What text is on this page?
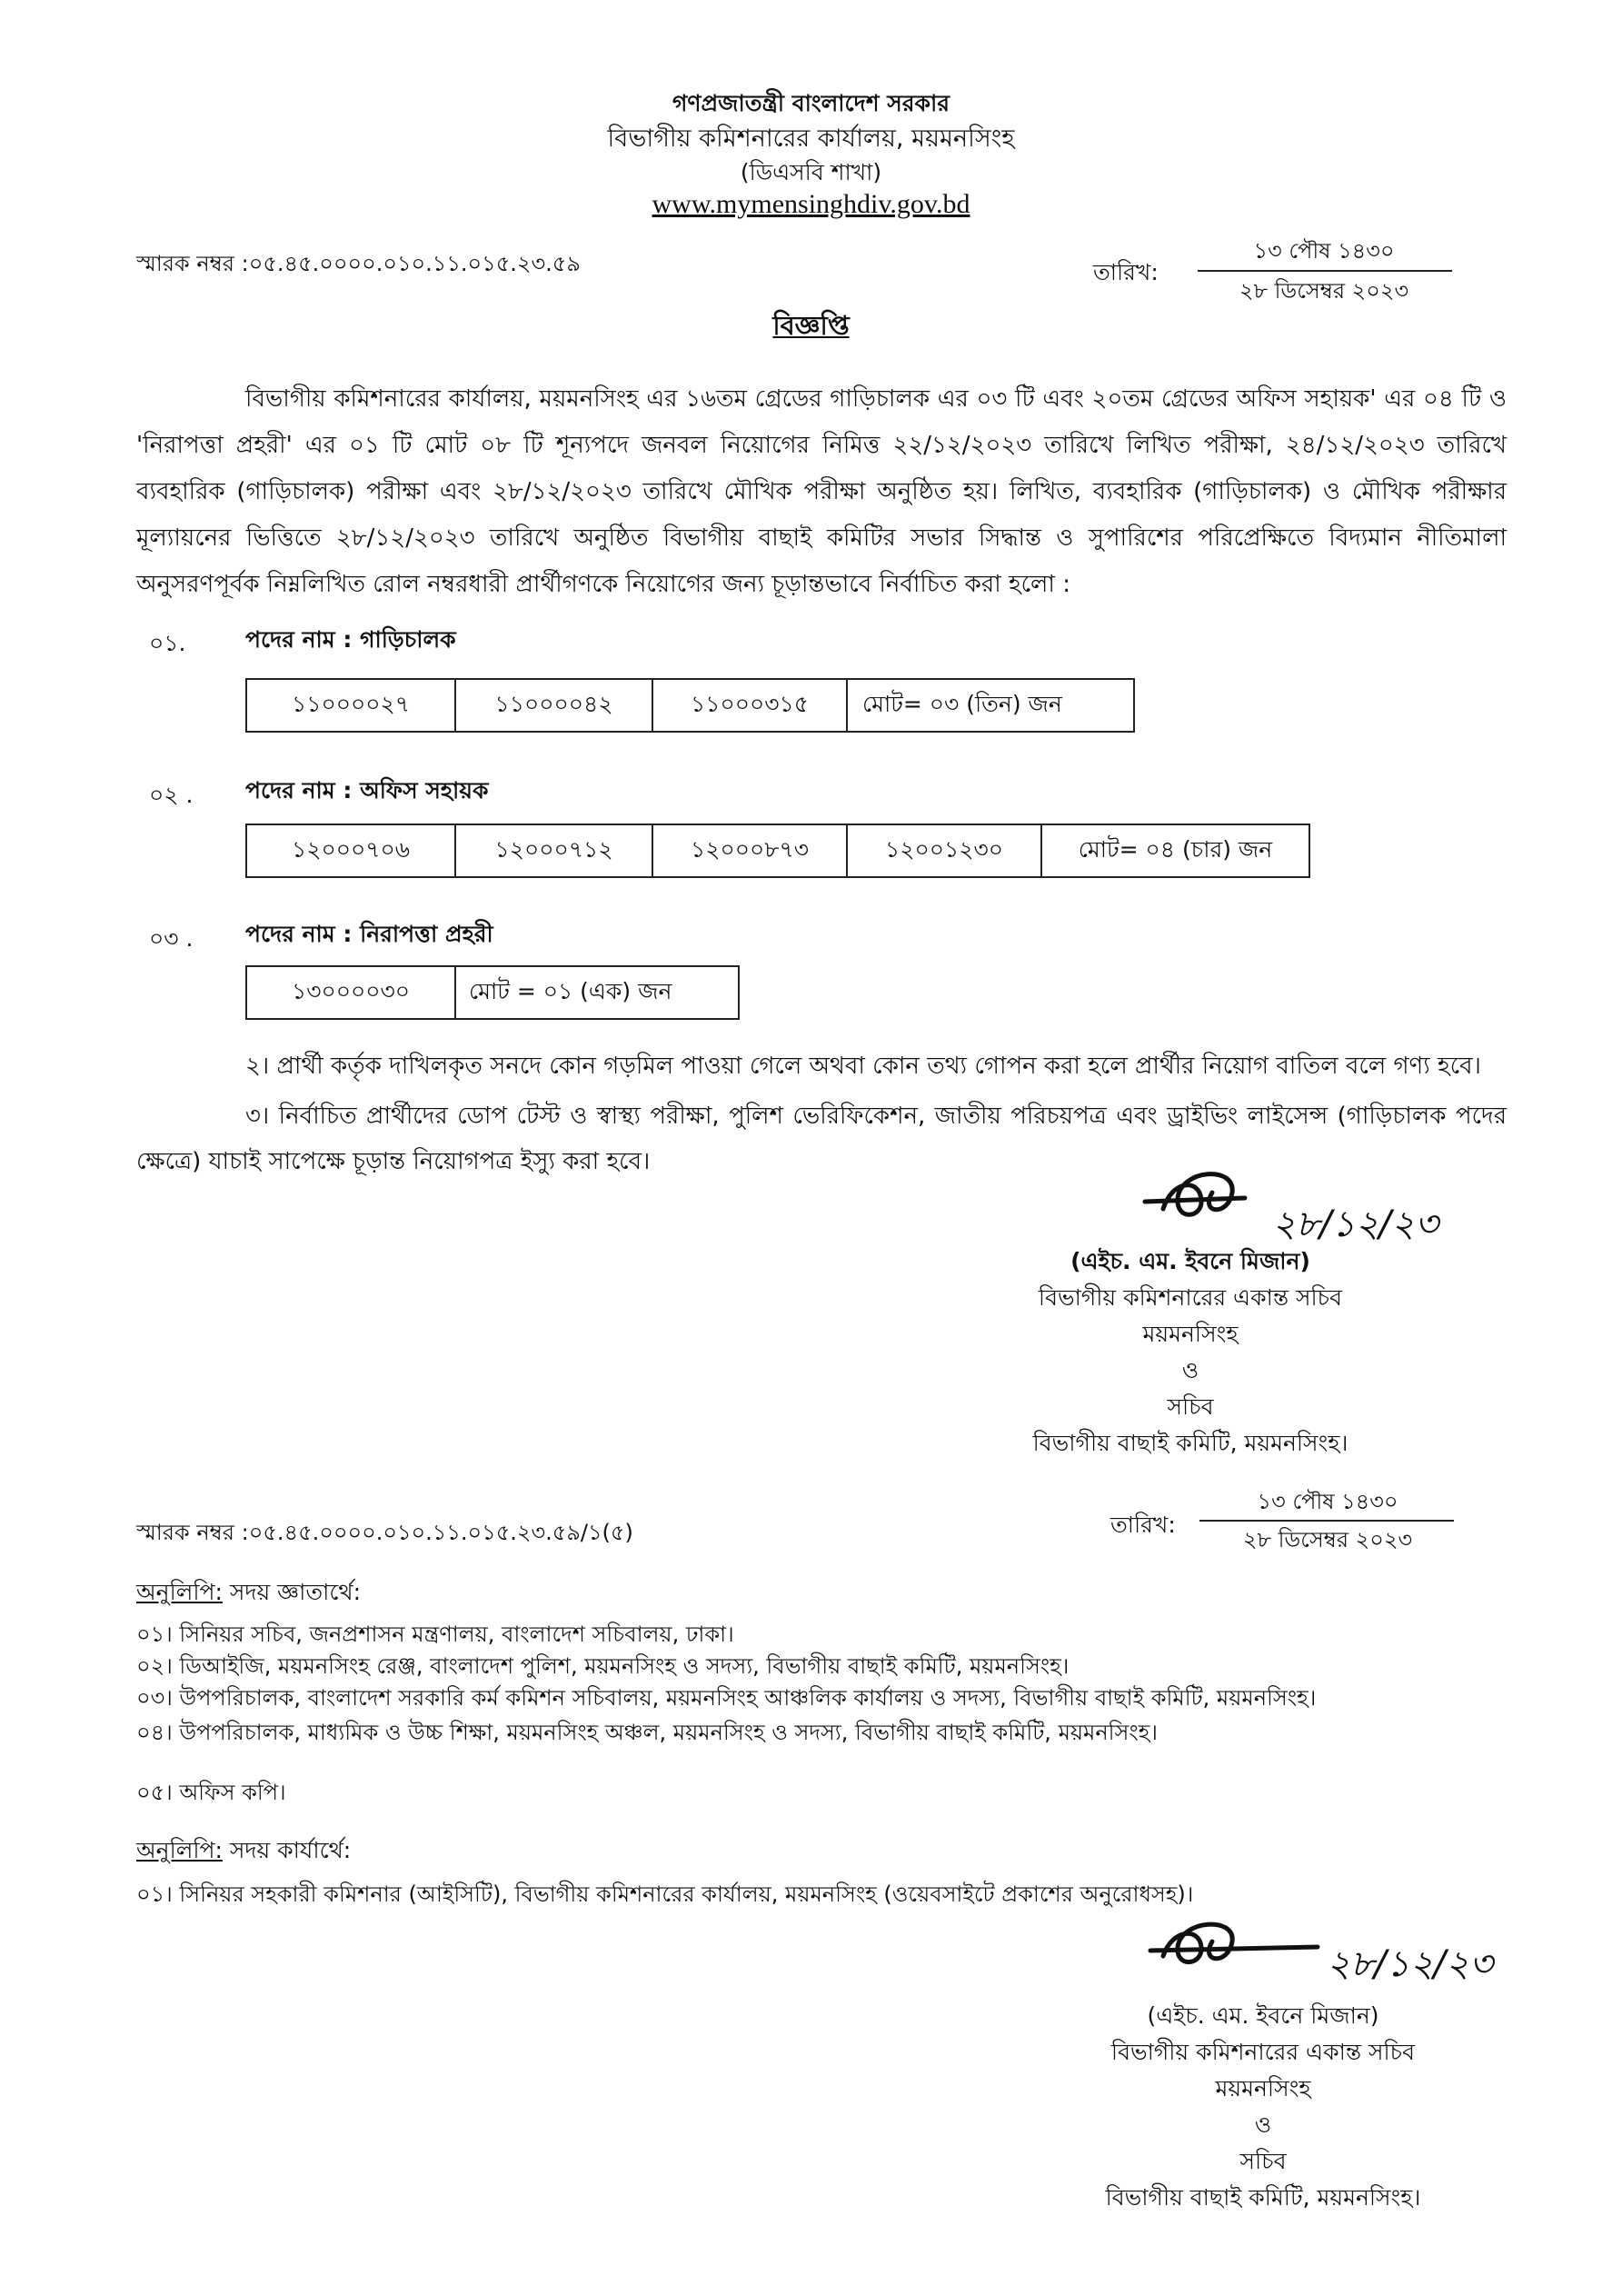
গণপ্রজাতন্ত্রী বাংলাদেশ সরকার
বিভাগীয় কমিশনারের কার্যালয়, ময়মনসিংহ
(ডিএসবি শাখা)
www.mymensinghdiv.gov.bd
স্মারক নম্বর :০৫.৪৫.০০০০.০১০.১১.০১৫.২৩.৫৯	তারিখ:
১৩ পৌষ ১৪৩০
২৮ ডিসেম্বর ২০২৩
বিজ্ঞপ্তি
বিভাগীয় কমিশনারের কার্যালয়, ময়মনসিংহ এর ১৬তম গ্রেডের গাড়িচালক এর ০৩ টি এবং ২০তম গ্রেডের অফিস সহায়ক' এর ০৪ টি ও 'নিরাপত্তা প্রহরী' এর ০১ টি মোট ০৮ টি শূন্যপদে জনবল নিয়োগের নিমিত্ত ২২/১২/২০২৩ তারিখে লিখিত পরীক্ষা, ২৪/১২/২০২৩ তারিখে ব্যবহারিক (গাড়িচালক) পরীক্ষা এবং ২৮/১২/২০২৩ তারিখে মৌখিক পরীক্ষা অনুষ্ঠিত হয়। লিখিত, ব্যবহারিক (গাড়িচালক) ও মৌখিক পরীক্ষার মূল্যায়নের ভিত্তিতে ২৮/১২/২০২৩ তারিখে অনুষ্ঠিত বিভাগীয় বাছাই কমিটির সভার সিদ্ধান্ত ও সুপারিশের পরিপ্রেক্ষিতে বিদ্যমান নীতিমালা অনুসরণপূর্বক নিম্নলিখিত রোল নম্বরধারী প্রার্থীগণকে নিয়োগের জন্য চূড়ান্তভাবে নির্বাচিত করা হলো :
০১.	পদের নাম : গাড়িচালক
১১০০০০২৭	১১০০০০৪২	১১০০০৩১৫	মোট= ০৩ (তিন) জন
০২ . পদের নাম : অফিস সহায়ক
১২০০০৭০৬	১২০০০৭১২	১২০০০৮৭৩	১২০০১২৩০	মোট= ০৪ (চার) জন
০৩ . পদের নাম : নিরাপত্তা প্রহরী
১৩০০০০৩০	মোট = ০১ (এক) জন
২। প্রার্থী কর্তৃক দাখিলকৃত সনদে কোন গড়মিল পাওয়া গেলে অথবা কোন তথ্য গোপন করা হলে প্রার্থীর নিয়োগ বাতিল বলে গণ্য হবে।
৩। নির্বাচিত প্রার্থীদের ডোপ টেস্ট ও স্বাস্থ্য পরীক্ষা, পুলিশ ভেরিফিকেশন, জাতীয় পরিচয়পত্র এবং ড্রাইভিং লাইসেন্স (গাড়িচালক পদের ক্ষেত্রে) যাচাই সাপেক্ষে চূড়ান্ত নিয়োগপত্র ইস্যু করা হবে।
২৮/১২/২৩
(এইচ. এম. ইবনে মিজান)
বিভাগীয় কমিশনারের একান্ত সচিব
ময়মনসিংহ
ও
সচিব
বিভাগীয় বাছাই কমিটি, ময়মনসিংহ।
স্মারক নম্বর :০৫.৪৫.০০০০.০১০.১১.০১৫.২৩.৫৯/১(৫)	তারিখ:
১৩ পৌষ ১৪৩০
২৮ ডিসেম্বর ২০২৩
অনুলিপি: সদয় জ্ঞাতার্থে:
০১। সিনিয়র সচিব, জনপ্রশাসন মন্ত্রণালয়, বাংলাদেশ সচিবালয়, ঢাকা।
০২। ডিআইজি, ময়মনসিংহ রেঞ্জ, বাংলাদেশ পুলিশ, ময়মনসিংহ ও সদস্য, বিভাগীয় বাছাই কমিটি, ময়মনসিংহ।
০৩। উপপরিচালক, বাংলাদেশ সরকারি কর্ম কমিশন সচিবালয়, ময়মনসিংহ আঞ্চলিক কার্যালয় ও সদস্য, বিভাগীয় বাছাই কমিটি, ময়মনসিংহ।
০৪। উপপরিচালক, মাধ্যমিক ও উচ্চ শিক্ষা, ময়মনসিংহ অঞ্চল, ময়মনসিংহ ও সদস্য, বিভাগীয় বাছাই কমিটি, ময়মনসিংহ।
০৫। অফিস কপি।
অনুলিপি: সদয় কার্যার্থে:
০১। সিনিয়র সহকারী কমিশনার (আইসিটি), বিভাগীয় কমিশনারের কার্যালয়, ময়মনসিংহ (ওয়েবসাইটে প্রকাশের অনুরোধসহ)।
২৮/১২/২৩
(এইচ. এম. ইবনে মিজান)
বিভাগীয় কমিশনারের একান্ত সচিব
ময়মনসিংহ
ও
সচিব
বিভাগীয় বাছাই কমিটি, ময়মনসিংহ।
